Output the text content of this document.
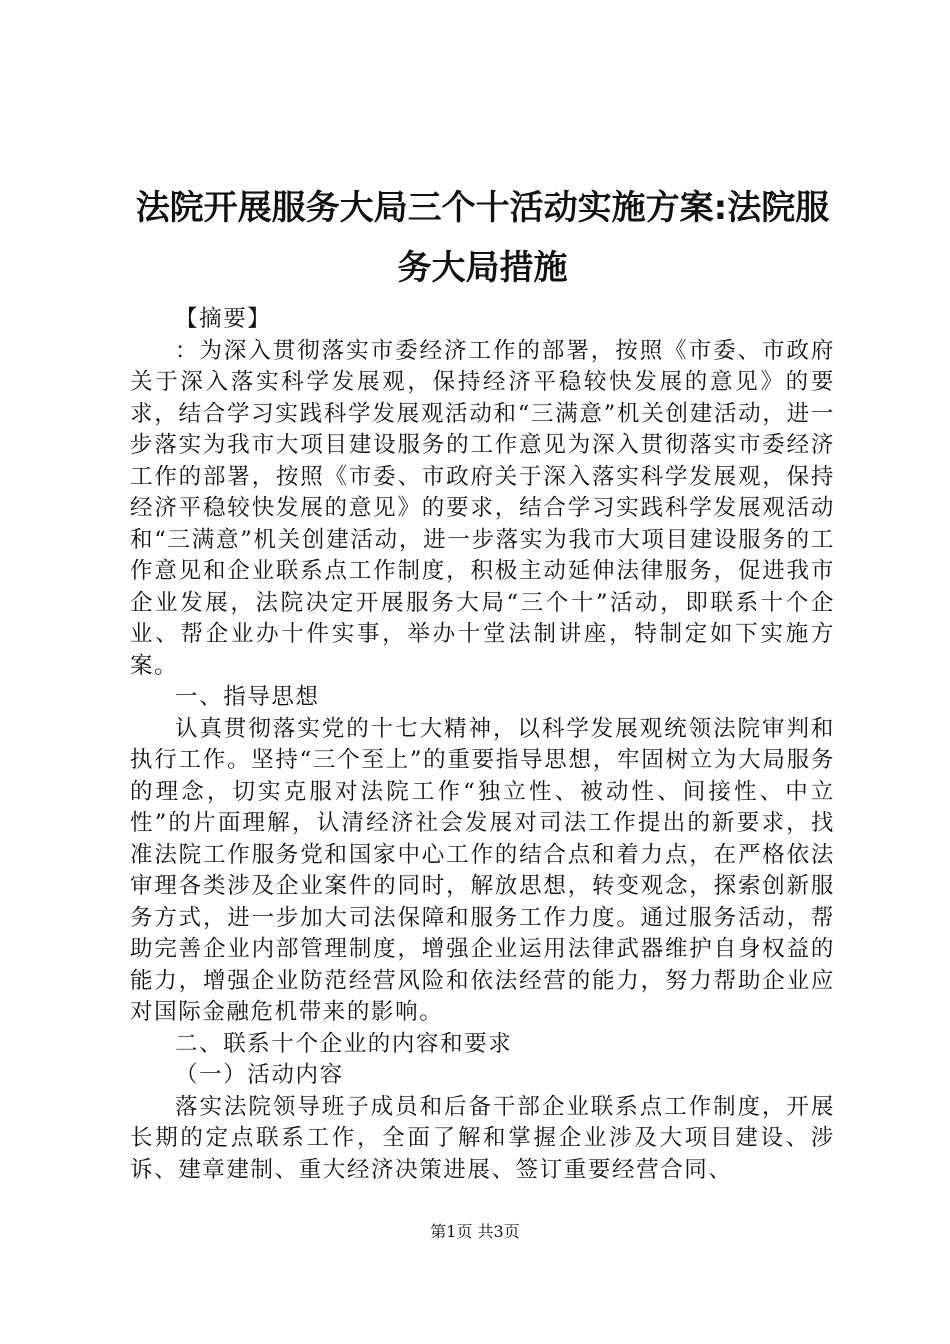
法院开展服务大局三个十活动实施方案:法院服务大局措施

【摘要】

：为深入贯彻落实市委经济工作的部署，按照《市委、市政府关于深入落实科学发展观，保持经济平稳较快发展的意见》的要求，结合学习实践科学发展观活动和“三满意”机关创建活动，进一步落实为我市大项目建设服务的工作意见为深入贯彻落实市委经济工作的部署，按照《市委、市政府关于深入落实科学发展观，保持经济平稳较快发展的意见》的要求，结合学习实践科学发展观活动和“三满意”机关创建活动，进一步落实为我市大项目建设服务的工作意见和企业联系点工作制度，积极主动延伸法律服务，促进我市企业发展，法院决定开展服务大局“三个十”活动，即联系十个企业、帮企业办十件实事，举办十堂法制讲座，特制定如下实施方案。

一、指导思想

认真贯彻落实党的十七大精神，以科学发展观统领法院审判和执行工作。坚持“三个至上”的重要指导思想，牢固树立为大局服务的理念，切实克服对法院工作“独立性、被动性、间接性、中立性”的片面理解，认清经济社会发展对司法工作提出的新要求，找准法院工作服务党和国家中心工作的结合点和着力点，在严格依法审理各类涉及企业案件的同时，解放思想，转变观念，探索创新服务方式，进一步加大司法保障和服务工作力度。通过服务活动，帮助完善企业内部管理制度，增强企业运用法律武器维护自身权益的能力，增强企业防范经营风险和依法经营的能力，努力帮助企业应对国际金融危机带来的影响。

二、联系十个企业的内容和要求

（一）活动内容

落实法院领导班子成员和后备干部企业联系点工作制度，开展长期的定点联系工作，全面了解和掌握企业涉及大项目建设、涉诉、建章建制、重大经济决策进展、签订重要经营合同、

第1页 共3页
